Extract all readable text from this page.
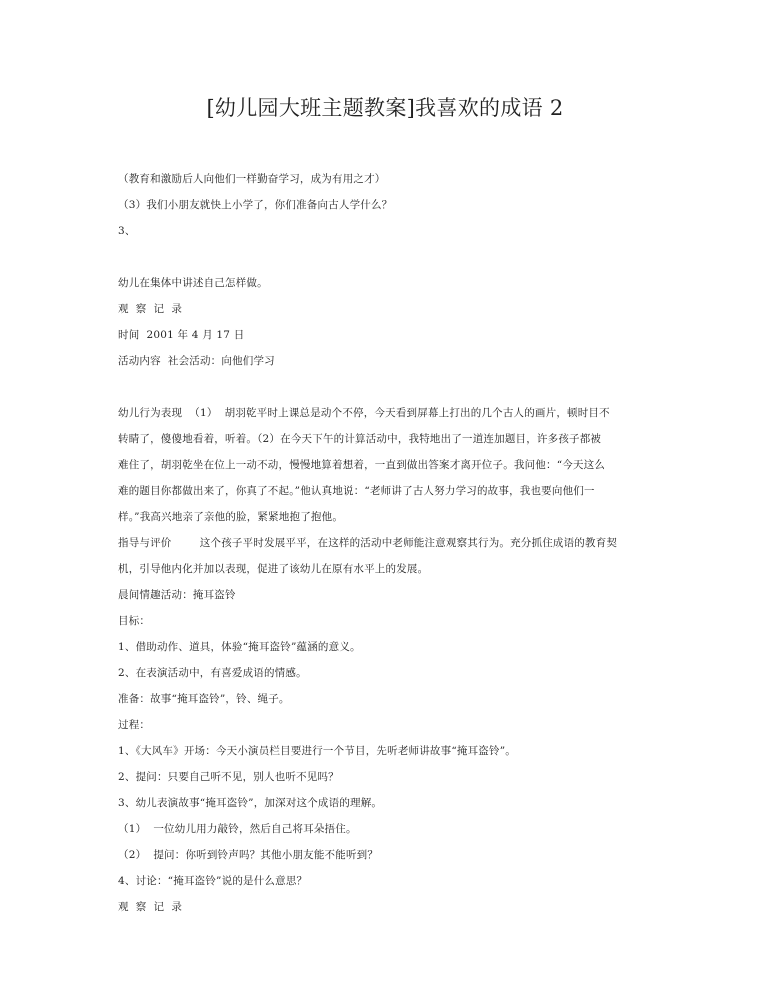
[幼儿园大班主题教案]我喜欢的成语 2

（教育和激励后人向他们一样勤奋学习，成为有用之才）

（3）我们小朋友就快上小学了，你们准备向古人学什么？

3、

幼儿在集体中讲述自己怎样做。

观  察  记  录

时间  2001 年 4 月 17 日

活动内容  社会活动：向他们学习

幼儿行为表现  （1）  胡羽乾平时上课总是动个不停，今天看到屏幕上打出的几个古人的画片，顿时目不

转睛了，傻傻地看着，听着。（2）在今天下午的计算活动中，我特地出了一道连加题目，许多孩子都被

难住了，胡羽乾坐在位上一动不动，慢慢地算着想着，一直到做出答案才离开位子。我问他：“今天这么

难的题目你都做出来了，你真了不起。”他认真地说：“老师讲了古人努力学习的故事，我也要向他们一

样。”我高兴地亲了亲他的脸，紧紧地抱了抱他。

指导与评价        这个孩子平时发展平平，在这样的活动中老师能注意观察其行为。充分抓住成语的教育契

机，引导他内化并加以表现，促进了该幼儿在原有水平上的发展。

晨间情趣活动：掩耳盗铃

目标：

1、借助动作、道具，体验“掩耳盗铃”蕴涵的意义。

2、在表演活动中，有喜爱成语的情感。

准备：故事“掩耳盗铃”，铃、绳子。

过程：

1、《大风车》开场：今天小演员栏目要进行一个节目，先听老师讲故事“掩耳盗铃”。

2、提问：只要自己听不见，别人也听不见吗？

3、幼儿表演故事“掩耳盗铃”，加深对这个成语的理解。

（1）  一位幼儿用力敲铃，然后自己将耳朵捂住。

（2）  提问：你听到铃声吗？其他小朋友能不能听到？

4、讨论：“掩耳盗铃”说的是什么意思？

观  察  记  录
